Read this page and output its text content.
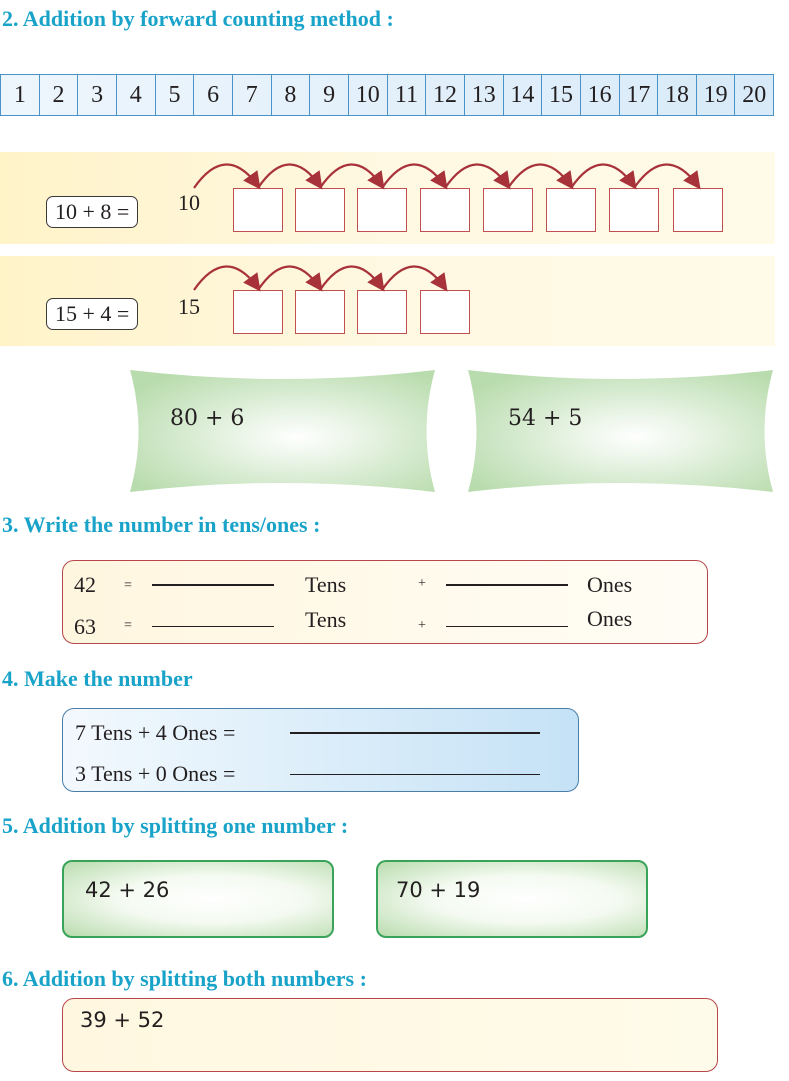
2. Addition by forward counting method :
1	2	3	4	5	6	7	8	9 10 11 12 13 14 15 16 17 18 19 20
10 + 8 = 10
15 + 4 = 15
80 + 6	54 + 5
3. Write the number in tens/ones :
42 =	Tens	+	Ones
63 =	Tens	+	Ones
4. Make the number
7 Tens + 4 Ones =
3 Tens + 0 Ones =
5. Addition by splitting one number :
42 + 26	70 + 19
6. Addition by splitting both numbers :
39 + 52
